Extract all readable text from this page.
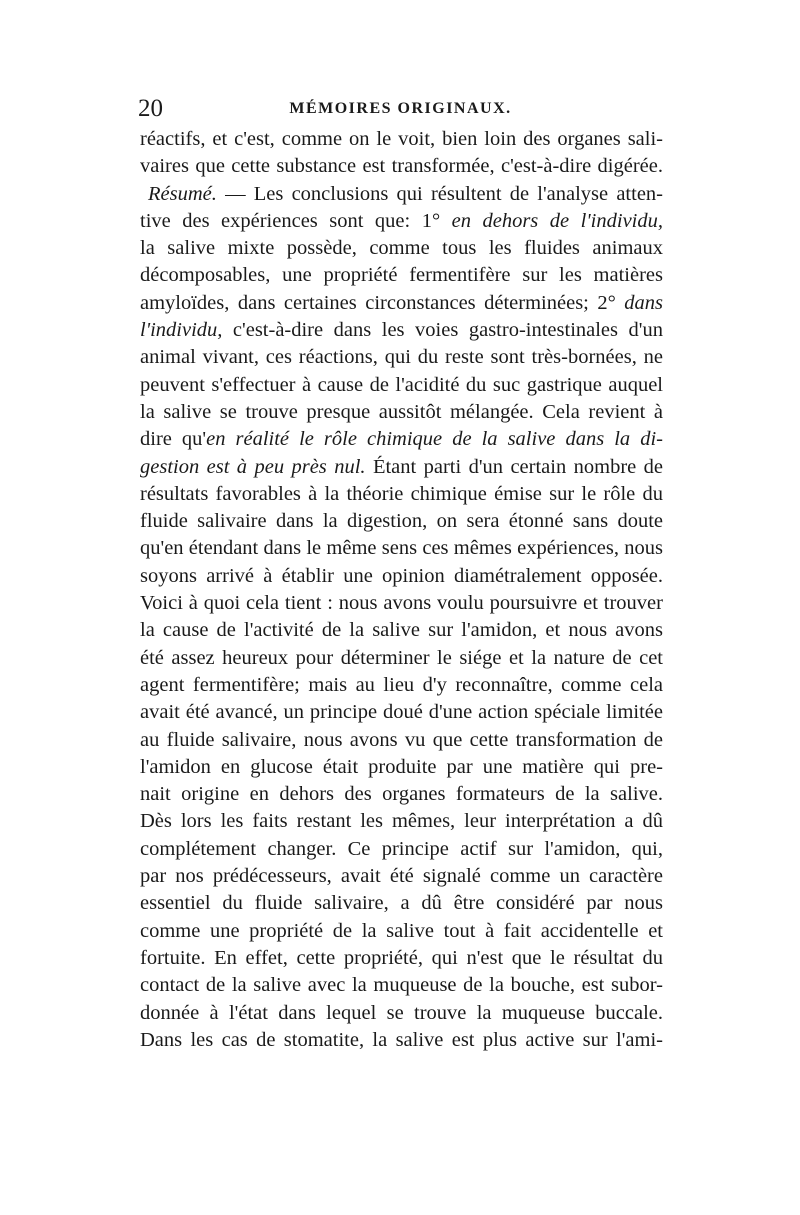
20	MÉMOIRES ORIGINAUX.
réactifs, et c'est, comme on le voit, bien loin des organes sali-
vaires que cette substance est transformée, c'est-à-dire digérée.
Résumé. — Les conclusions qui résultent de l'analyse atten-
tive des expériences sont que: 1° en dehors de l'individu,
la salive mixte possède, comme tous les fluides animaux
décomposables, une propriété fermentifère sur les matières
amyloïdes, dans certaines circonstances déterminées; 2° dans
l'individu, c'est-à-dire dans les voies gastro-intestinales d'un
animal vivant, ces réactions, qui du reste sont très-bornées, ne
peuvent s'effectuer à cause de l'acidité du suc gastrique auquel
la salive se trouve presque aussitôt mélangée. Cela revient à
dire qu'en réalité le rôle chimique de la salive dans la di-
gestion est à peu près nul. Étant parti d'un certain nombre de
résultats favorables à la théorie chimique émise sur le rôle du
fluide salivaire dans la digestion, on sera étonné sans doute
qu'en étendant dans le même sens ces mêmes expériences, nous
soyons arrivé à établir une opinion diamétralement opposée.
Voici à quoi cela tient : nous avons voulu poursuivre et trouver
la cause de l'activité de la salive sur l'amidon, et nous avons
été assez heureux pour déterminer le siége et la nature de cet
agent fermentifère; mais au lieu d'y reconnaître, comme cela
avait été avancé, un principe doué d'une action spéciale limitée
au fluide salivaire, nous avons vu que cette transformation de
l'amidon en glucose était produite par une matière qui pre-
nait origine en dehors des organes formateurs de la salive.
Dès lors les faits restant les mêmes, leur interprétation a dû
complétement changer. Ce principe actif sur l'amidon, qui,
par nos prédécesseurs, avait été signalé comme un caractère
essentiel du fluide salivaire, a dû être considéré par nous
comme une propriété de la salive tout à fait accidentelle et
fortuite. En effet, cette propriété, qui n'est que le résultat du
contact de la salive avec la muqueuse de la bouche, est subor-
donnée à l'état dans lequel se trouve la muqueuse buccale.
Dans les cas de stomatite, la salive est plus active sur l'ami-
